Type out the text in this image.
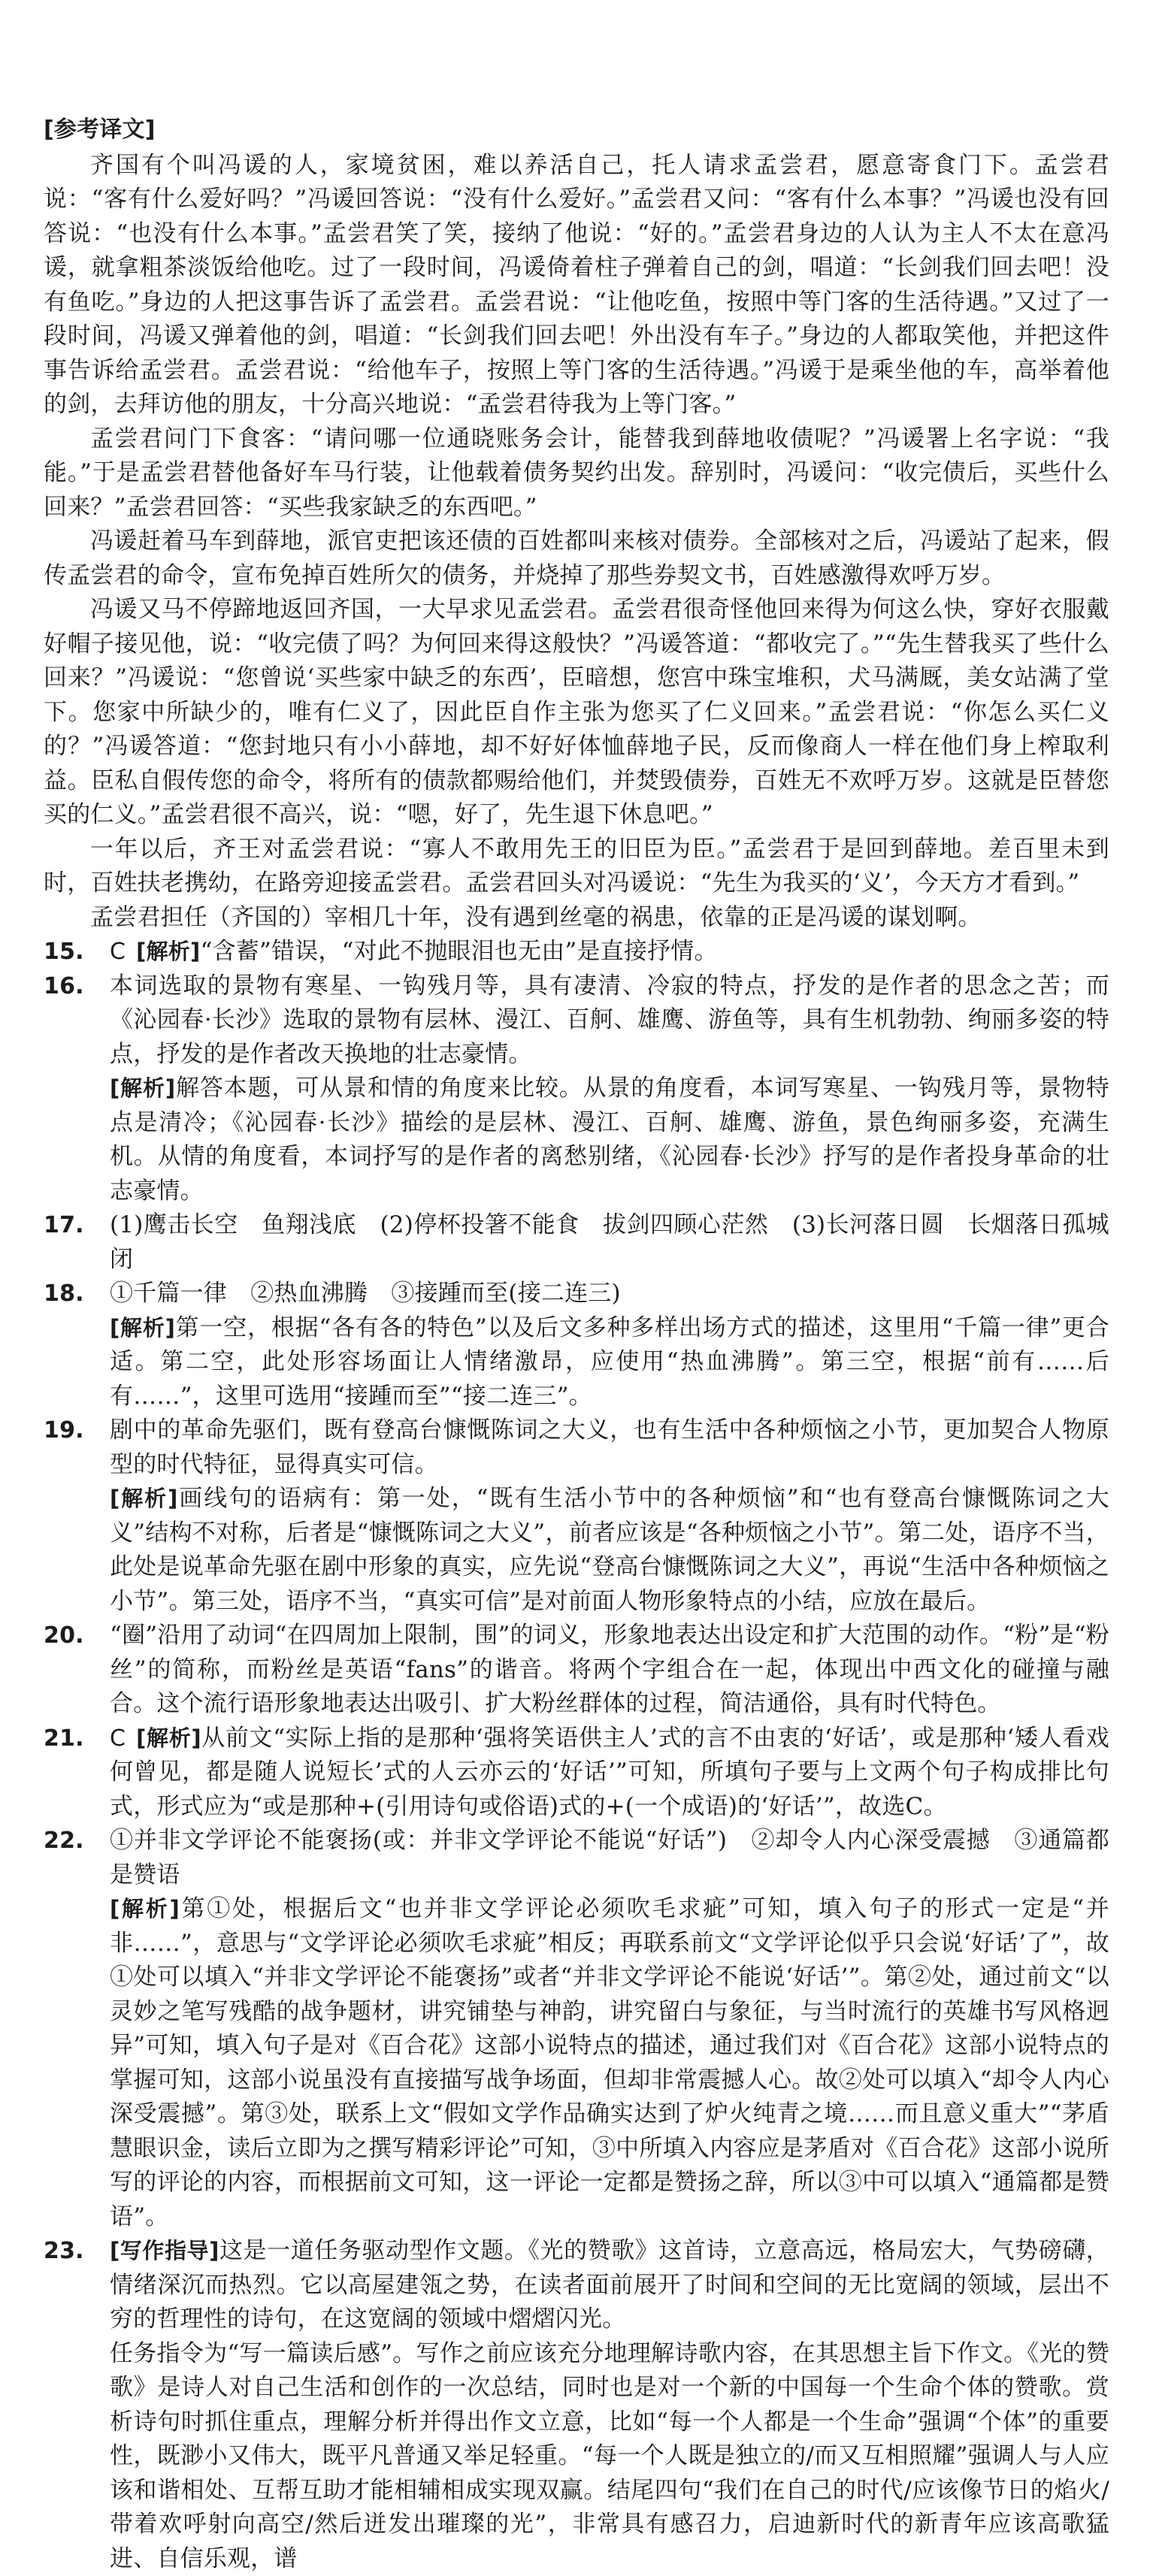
[参考译文]

齐国有个叫冯谖的人，家境贫困，难以养活自己，托人请求孟尝君，愿意寄食门下。孟尝君说：“客有什么爱好吗？”冯谖回答说：“没有什么爱好。”孟尝君又问：“客有什么本事？”冯谖也没有回答说：“也没有什么本事。”孟尝君笑了笑，接纳了他说：“好的。”孟尝君身边的人认为主人不太在意冯谖，就拿粗茶淡饭给他吃。过了一段时间，冯谖倚着柱子弹着自己的剑，唱道：“长剑我们回去吧！没有鱼吃。”身边的人把这事告诉了孟尝君。孟尝君说：“让他吃鱼，按照中等门客的生活待遇。”又过了一段时间，冯谖又弹着他的剑，唱道：“长剑我们回去吧！外出没有车子。”身边的人都取笑他，并把这件事告诉给孟尝君。孟尝君说：“给他车子，按照上等门客的生活待遇。”冯谖于是乘坐他的车，高举着他的剑，去拜访他的朋友，十分高兴地说：“孟尝君待我为上等门客。”

孟尝君问门下食客：“请问哪一位通晓账务会计，能替我到薛地收债呢？”冯谖署上名字说：“我能。”于是孟尝君替他备好车马行装，让他载着债务契约出发。辞别时，冯谖问：“收完债后，买些什么回来？”孟尝君回答：“买些我家缺乏的东西吧。”

冯谖赶着马车到薛地，派官吏把该还债的百姓都叫来核对债券。全部核对之后，冯谖站了起来，假传孟尝君的命令，宣布免掉百姓所欠的债务，并烧掉了那些券契文书，百姓感激得欢呼万岁。

冯谖又马不停蹄地返回齐国，一大早求见孟尝君。孟尝君很奇怪他回来得为何这么快，穿好衣服戴好帽子接见他，说：“收完债了吗？为何回来得这般快？”冯谖答道：“都收完了。”“先生替我买了些什么回来？”冯谖说：“您曾说‘买些家中缺乏的东西’，臣暗想，您宫中珠宝堆积，犬马满厩，美女站满了堂下。您家中所缺少的，唯有仁义了，因此臣自作主张为您买了仁义回来。”孟尝君说：“你怎么买仁义的？”冯谖答道：“您封地只有小小薛地，却不好好体恤薛地子民，反而像商人一样在他们身上榨取利益。臣私自假传您的命令，将所有的债款都赐给他们，并焚毁债券，百姓无不欢呼万岁。这就是臣替您买的仁义。”孟尝君很不高兴，说：“嗯，好了，先生退下休息吧。”

一年以后，齐王对孟尝君说：“寡人不敢用先王的旧臣为臣。”孟尝君于是回到薛地。差百里未到时，百姓扶老携幼，在路旁迎接孟尝君。孟尝君回头对冯谖说：“先生为我买的‘义’，今天方才看到。”

孟尝君担任（齐国的）宰相几十年，没有遇到丝毫的祸患，依靠的正是冯谖的谋划啊。

15. C [解析]“含蓄”错误，“对此不抛眼泪也无由”是直接抒情。

16. 本词选取的景物有寒星、一钩残月等，具有凄清、冷寂的特点，抒发的是作者的思念之苦；而《沁园春·长沙》选取的景物有层林、漫江、百舸、雄鹰、游鱼等，具有生机勃勃、绚丽多姿的特点，抒发的是作者改天换地的壮志豪情。

[解析]解答本题，可从景和情的角度来比较。从景的角度看，本词写寒星、一钩残月等，景物特点是清冷；《沁园春·长沙》描绘的是层林、漫江、百舸、雄鹰、游鱼，景色绚丽多姿，充满生机。从情的角度看，本词抒写的是作者的离愁别绪，《沁园春·长沙》抒写的是作者投身革命的壮志豪情。

17. (1)鹰击长空　鱼翔浅底　(2)停杯投箸不能食　拔剑四顾心茫然　(3)长河落日圆　长烟落日孤城闭

18. ①千篇一律　②热血沸腾　③接踵而至(接二连三)

[解析]第一空，根据“各有各的特色”以及后文多种多样出场方式的描述，这里用“千篇一律”更合适。第二空，此处形容场面让人情绪激昂，应使用“热血沸腾”。第三空，根据“前有……后有……”，这里可选用“接踵而至”“接二连三”。

19. 剧中的革命先驱们，既有登高台慷慨陈词之大义，也有生活中各种烦恼之小节，更加契合人物原型的时代特征，显得真实可信。

[解析]画线句的语病有：第一处，“既有生活小节中的各种烦恼”和“也有登高台慷慨陈词之大义”结构不对称，后者是“慷慨陈词之大义”，前者应该是“各种烦恼之小节”。第二处，语序不当，此处是说革命先驱在剧中形象的真实，应先说“登高台慷慨陈词之大义”，再说“生活中各种烦恼之小节”。第三处，语序不当，“真实可信”是对前面人物形象特点的小结，应放在最后。

20. “圈”沿用了动词“在四周加上限制，围”的词义，形象地表达出设定和扩大范围的动作。“粉”是“粉丝”的简称，而粉丝是英语“fans”的谐音。将两个字组合在一起，体现出中西文化的碰撞与融合。这个流行语形象地表达出吸引、扩大粉丝群体的过程，简洁通俗，具有时代特色。

21. C [解析]从前文“实际上指的是那种‘强将笑语供主人’式的言不由衷的‘好话’，或是那种‘矮人看戏何曾见，都是随人说短长’式的人云亦云的‘好话’”可知，所填句子要与上文两个句子构成排比句式，形式应为“或是那种+(引用诗句或俗语)式的+(一个成语)的‘好话’”，故选C。

22. ①并非文学评论不能褒扬(或：并非文学评论不能说“好话”)　②却令人内心深受震撼　③通篇都是赞语

[解析]第①处，根据后文“也并非文学评论必须吹毛求疵”可知，填入句子的形式一定是“并非……”，意思与“文学评论必须吹毛求疵”相反；再联系前文“文学评论似乎只会说‘好话’了”，故①处可以填入“并非文学评论不能褒扬”或者“并非文学评论不能说‘好话’”。第②处，通过前文“以灵妙之笔写残酷的战争题材，讲究铺垫与神韵，讲究留白与象征，与当时流行的英雄书写风格迥异”可知，填入句子是对《百合花》这部小说特点的描述，通过我们对《百合花》这部小说特点的掌握可知，这部小说虽没有直接描写战争场面，但却非常震撼人心。故②处可以填入“却令人内心深受震撼”。第③处，联系上文“假如文学作品确实达到了炉火纯青之境……而且意义重大”“茅盾慧眼识金，读后立即为之撰写精彩评论”可知，③中所填入内容应是茅盾对《百合花》这部小说所写的评论的内容，而根据前文可知，这一评论一定都是赞扬之辞，所以③中可以填入“通篇都是赞语”。

23. [写作指导]这是一道任务驱动型作文题。《光的赞歌》这首诗，立意高远，格局宏大，气势磅礴，情绪深沉而热烈。它以高屋建瓴之势，在读者面前展开了时间和空间的无比宽阔的领域，层出不穷的哲理性的诗句，在这宽阔的领域中熠熠闪光。

任务指令为“写一篇读后感”。写作之前应该充分地理解诗歌内容，在其思想主旨下作文。《光的赞歌》是诗人对自己生活和创作的一次总结，同时也是对一个新的中国每一个生命个体的赞歌。赏析诗句时抓住重点，理解分析并得出作文立意，比如“每一个人都是一个生命”强调“个体”的重要性，既渺小又伟大，既平凡普通又举足轻重。“每一个人既是独立的/而又互相照耀”强调人与人应该和谐相处、互帮互助才能相辅相成实现双赢。结尾四句“我们在自己的时代/应该像节日的焰火/带着欢呼射向高空/然后迸发出璀璨的光”，非常具有感召力，启迪新时代的新青年应该高歌猛进、自信乐观，谱
